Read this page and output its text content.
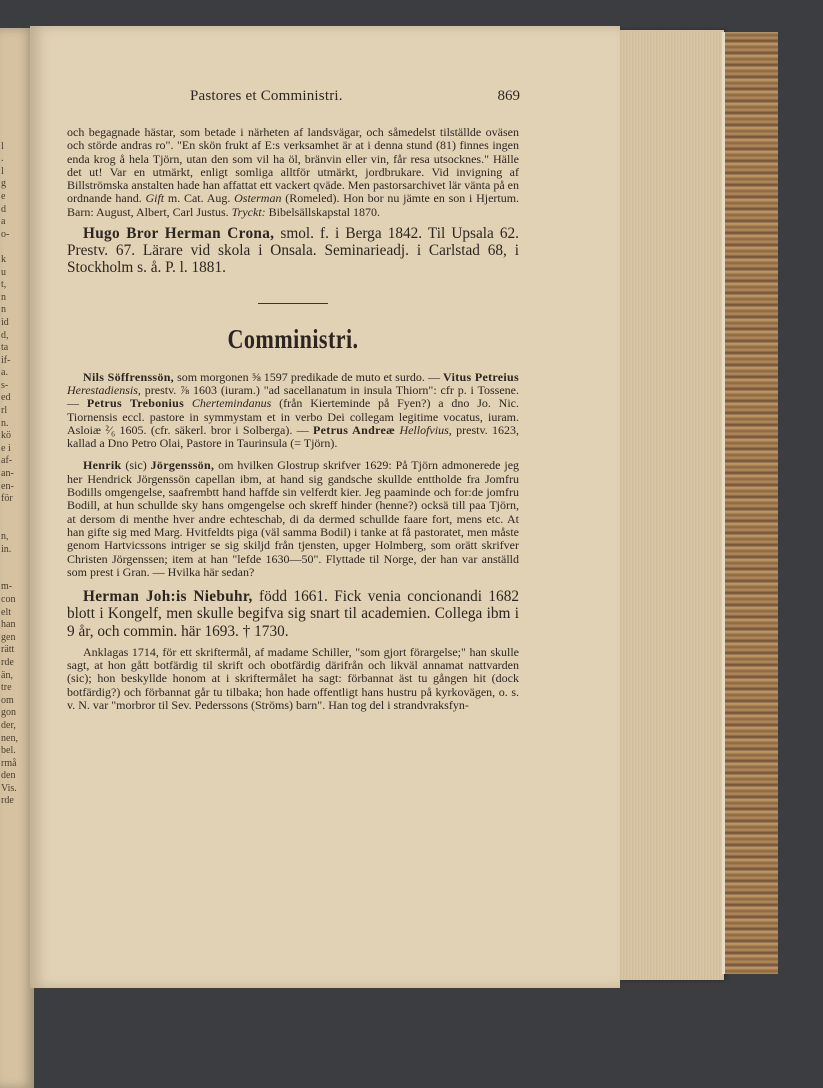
l
.
l
g
e
d
a
o-

k
u
t,
n
n
id
d,
ta
if-
a.
s-
ed
rl
n.
kö
e i
af-
an-
en-
för

n,
in.

m-
con
elt
han
gen
rätt
rde
än,
tre
om
gon
der,
nen,
bel.
rmå
den
Vis.
rde
Pastores et Comministri.	869

och begagnade hästar, som betade i närheten af landsvägar, och såmedelst tilställde oväsen och störde andras ro". "En skön frukt af E:s verksamhet är at i denna stund (81) finnes ingen enda krog å hela Tjörn, utan den som vil ha öl, bränvin eller vin, får resa utsocknes." Hälle det ut! Var en utmärkt, enligt somliga alltför utmärkt, jordbrukare. Vid invigning af Billströmska anstalten hade han affattat ett vackert qväde. Men pastorsarchivet lär vänta på en ordnande hand. Gift m. Cat. Aug. Osterman (Romeled). Hon bor nu jämte en son i Hjertum. Barn: August, Albert, Carl Justus. Tryckt: Bibelsällskapstal 1870.

Hugo Bror Herman Crona, smol. f. i Berga 1842. Til Upsala 62. Prestv. 67. Lärare vid skola i Onsala. Seminarieadj. i Carlstad 68, i Stockholm s. å. P. l. 1881.

Comministri.

Nils Söffrenssön, som morgonen ⅝ 1597 predikade de muto et surdo. — Vitus Petreius Herestadiensis, prestv. ⅞ 1603 (iuram.) "ad sacellanatum in insula Thiorn": cfr p. i Tossene. — Petrus Trebonius Chertemindanus (från Kierteminde på Fyen?) a dno Jo. Nic. Tiornensis eccl. pastore in symmystam et in verbo Dei collegam legitime vocatus, iuram. Asloiæ ²⁄₆ 1605. (cfr. säkerl. bror i Solberga). — Petrus Andreæ Hellofvius, prestv. 1623, kallad a Dno Petro Olai, Pastore in Taurinsula (= Tjörn).

Henrik (sic) Jörgenssön, om hvilken Glostrup skrifver 1629: På Tjörn admonerede jeg her Hendrick Jörgenssön capellan ibm, at hand sig gandsche skullde enttholde fra Jomfru Bodills omgengelse, saafrembtt hand haffde sin velferdt kier. Jeg paaminde och for:de jomfru Bodill, at hun schullde sky hans omgengelse och skreff hinder (henne?) ocksä till paa Tjörn, at dersom di menthe hver andre echteschab, di da dermed schullde faare fort, mens etc. At han gifte sig med Marg. Hvitfeldts piga (väl samma Bodil) i tanke at få pastoratet, men måste genom Hartvicssons intriger se sig skiljd från tjensten, upger Holmberg, som orätt skrifver Christen Jörgenssen; item at han "lefde 1630—50". Flyttade til Norge, der han var anställd som prest i Gran. — Hvilka här sedan?

Herman Joh:is Niebuhr, född 1661. Fick venia concionandi 1682 blott i Kongelf, men skulle begifva sig snart til academien. Collega ibm i 9 år, och commin. här 1693. † 1730.

Anklagas 1714, för ett skriftermål, af madame Schiller, "som gjort förargelse;" han skulle sagt, at hon gått botfärdig til skrift och obotfärdig därifrån och likväl annamat nattvarden (sic); hon beskyllde honom at i skriftermålet ha sagt: förbannat äst tu gången hit (dock botfärdig?) och förbannat går tu tilbaka; hon hade offentligt hans hustru på kyrkovägen, o. s. v. N. var "morbror til Sev. Pederssons (Ströms) barn". Han tog del i strandvraksfyn-
